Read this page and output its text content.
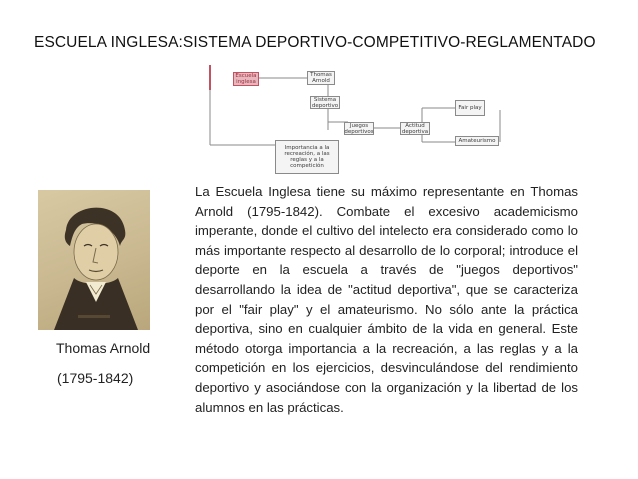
ESCUELA INGLESA:SISTEMA DEPORTIVO-COMPETITIVO-REGLAMENTADO
Escuela inglesa
Thomas Arnold
Sistema deportivo	Fair play
Juegos deportivos
Actitud deportiva
Importancia a la recreación, a las reglas y a la competición
Amateurismo
Thomas Arnold
(1795-1842)
La Escuela Inglesa tiene su máximo representante en Thomas Arnold (1795-1842). Combate el excesivo academicismo imperante, donde el cultivo del intelecto era considerado como lo más importante respecto al desarrollo de lo corporal; introduce el deporte en la escuela a través de "juegos deportivos" desarrollando la idea de "actitud deportiva", que se caracteriza por el "fair play" y el amateurismo. No sólo ante la práctica deportiva, sino en cualquier ámbito de la vida en general. Este método otorga importancia a la recreación, a las reglas y a la competición en los ejercicios, desvinculándose del rendimiento deportivo y asociándose con la organización y la libertad de los alumnos en las prácticas.
